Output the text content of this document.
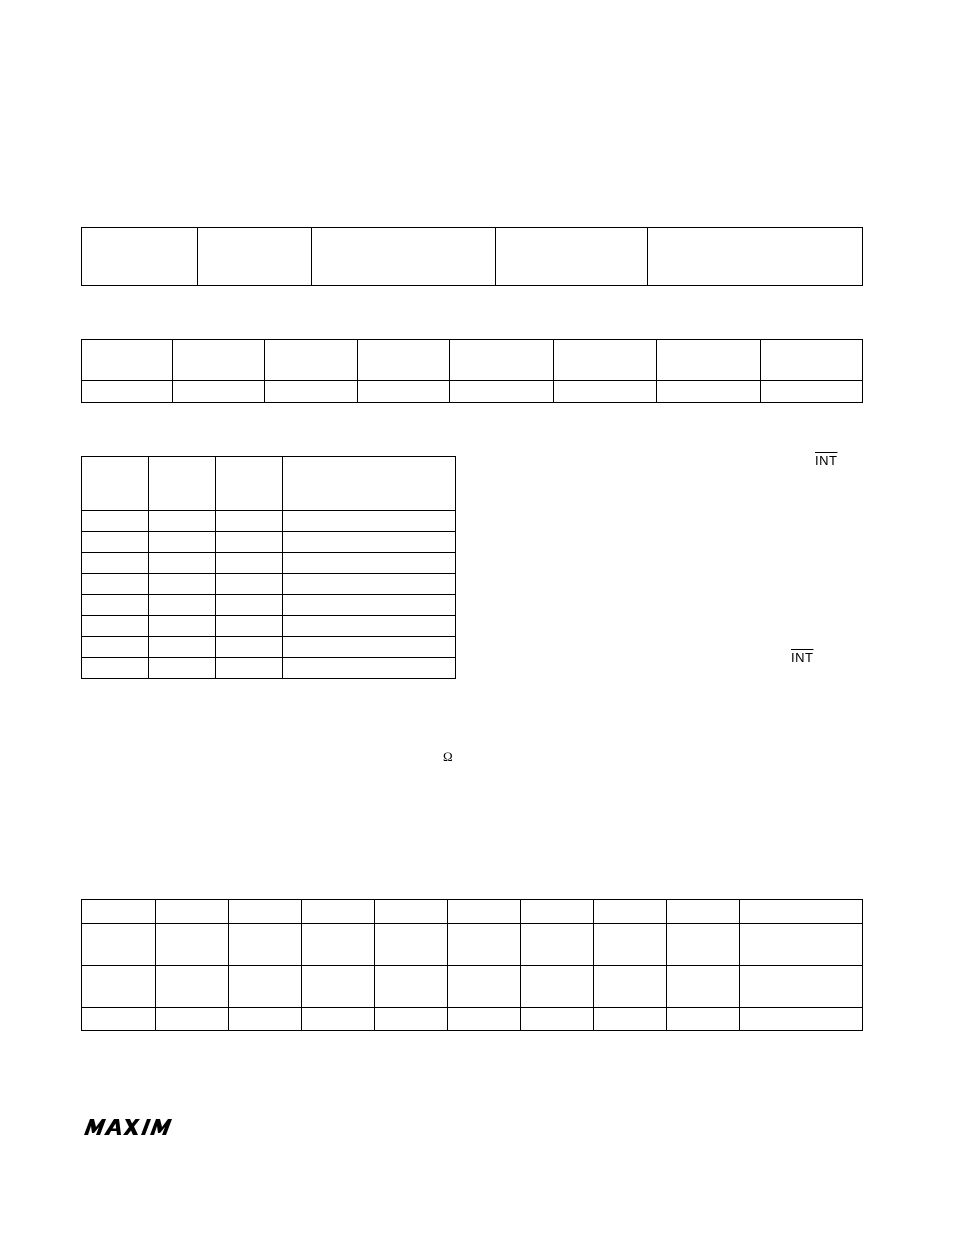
$\overline{INT}$
$\overline{INT}$
Ω
